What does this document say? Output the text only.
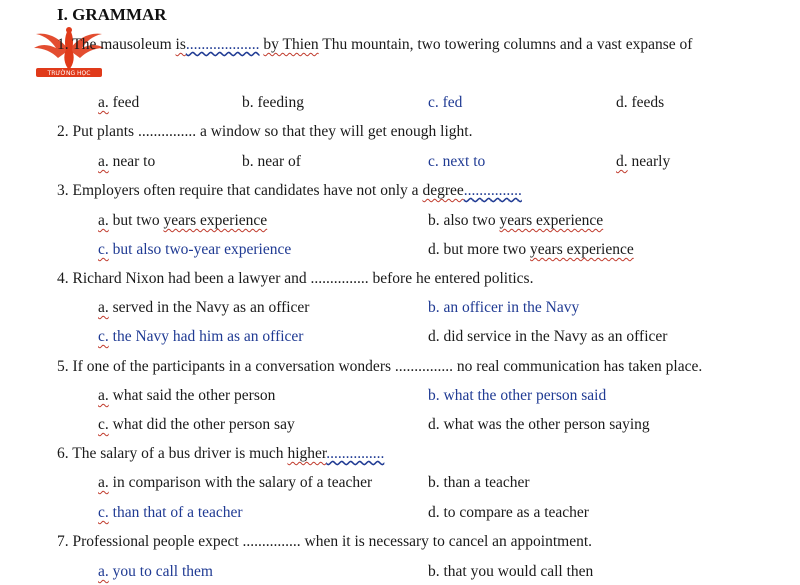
I. GRAMMAR
TRƯỜNG HỌC
1. The mausoleum is................... by Thien Thu mountain, two towering columns and a vast expanse of
a. feed	b. feeding	c. fed	d. feeds
2. Put plants ............... a window so that they will get enough light.
a. near to	b. near of	c. next to	d. nearly
3. Employers often require that candidates have not only a degree...............
a. but two years experience	b. also two years experience
c. but also two-year experience	d. but more two years experience
4. Richard Nixon had been a lawyer and ............... before he entered politics.
a. served in the Navy as an officer	b. an officer in the Navy
c. the Navy had him as an officer	d. did service in the Navy as an officer
5. If one of the participants in a conversation wonders ............... no real communication has taken place.
a. what said the other person	b. what the other person said
c. what did the other person say	d. what was the other person saying
6. The salary of a bus driver is much higher...............
a. in comparison with the salary of a teacher	b. than a teacher
c. than that of a teacher	d. to compare as a teacher
7. Professional people expect ............... when it is necessary to cancel an appointment.
a. you to call them	b. that you would call then
